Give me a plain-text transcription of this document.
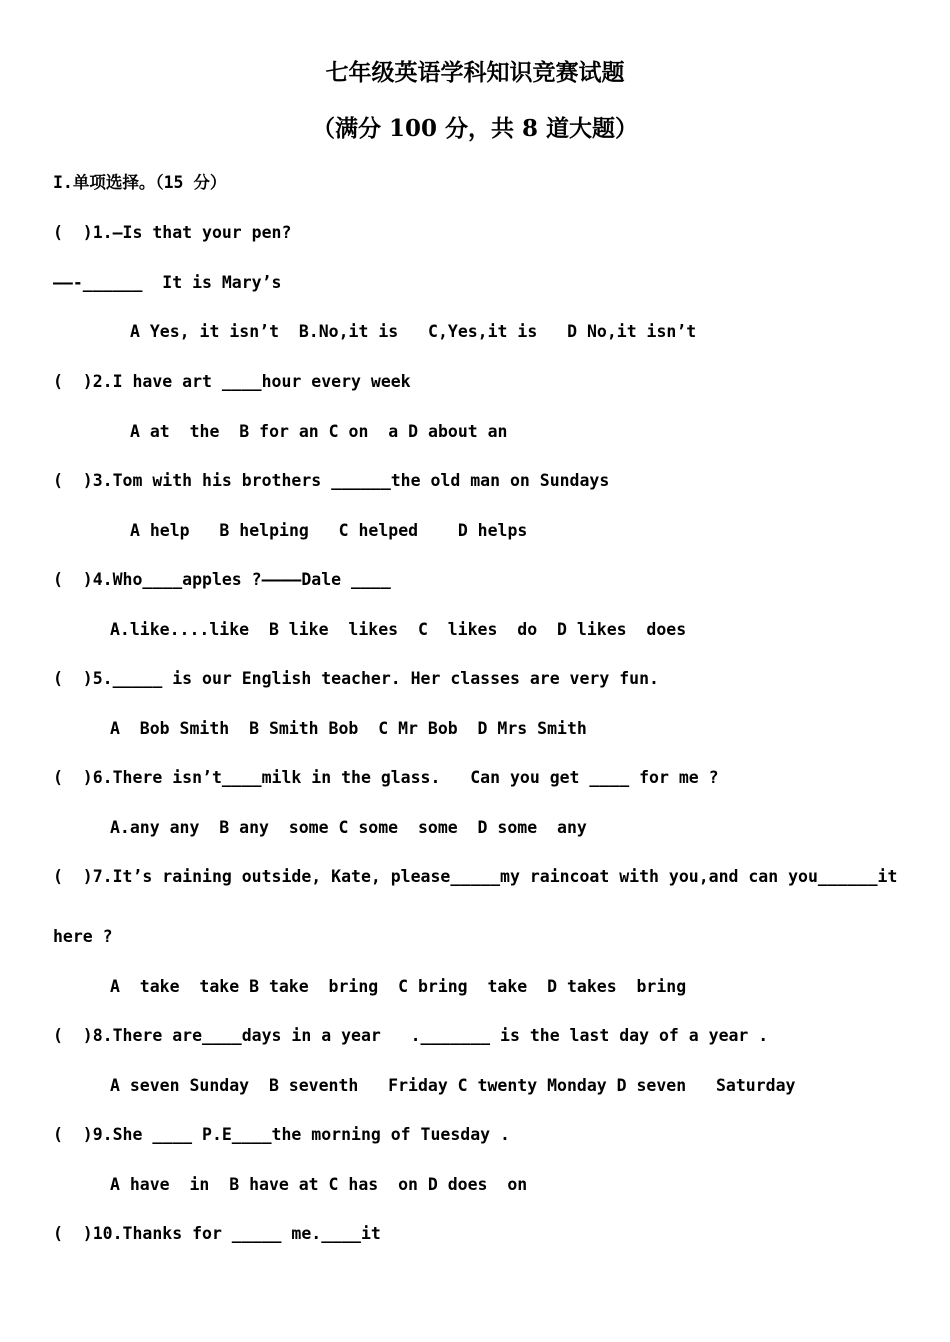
七年级英语学科知识竞赛试题
（满分 100 分，共 8 道大题）
I.单项选择。（15 分）
(  )1.—Is that your pen?
——-______  It is Mary’s
A Yes, it isn’t  B.No,it is   C,Yes,it is   D No,it isn’t
(  )2.I have art ____hour every week
A at  the  B for an C on  a D about an
(  )3.Tom with his brothers ______the old man on Sundays
A help   B helping   C helped    D helps
(  )4.Who____apples ?————Dale ____
A.like....like  B like  likes  C  likes  do  D likes  does
(  )5._____ is our English teacher. Her classes are very fun.
A  Bob Smith  B Smith Bob  C Mr Bob  D Mrs Smith
(  )6.There isn’t____milk in the glass.   Can you get ____ for me ?
A.any any  B any  some C some  some  D some  any
(  )7.It’s raining outside, Kate, please_____my raincoat with you,and can you______it
here ?
A  take  take B take  bring  C bring  take  D takes  bring
(  )8.There are____days in a year   ._______ is the last day of a year .
A seven Sunday  B seventh   Friday C twenty Monday D seven   Saturday
(  )9.She ____ P.E____the morning of Tuesday .
A have  in  B have at C has  on D does  on
(  )10.Thanks for _____ me.____it
